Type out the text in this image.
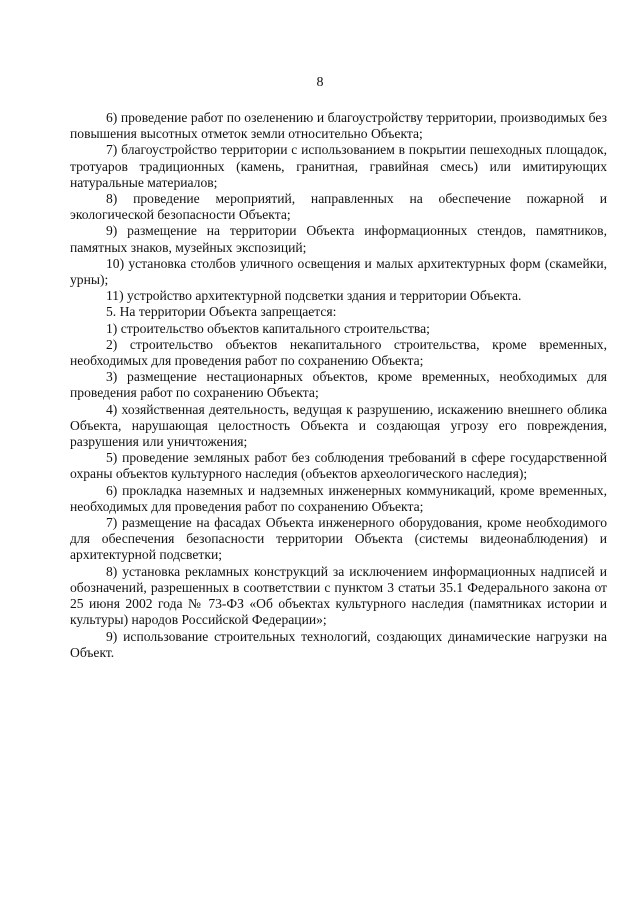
8

6) проведение работ по озеленению и благоустройству территории, производимых без повышения высотных отметок земли относительно Объекта;

7) благоустройство территории с использованием в покрытии пешеходных площадок, тротуаров традиционных (камень, гранитная, гравийная смесь) или имитирующих натуральные материалов;

8) проведение мероприятий, направленных на обеспечение пожарной и экологической безопасности Объекта;

9) размещение на территории Объекта информационных стендов, памятников, памятных знаков, музейных экспозиций;

10) установка столбов уличного освещения и малых архитектурных форм (скамейки, урны);

11) устройство архитектурной подсветки здания и территории Объекта.

5. На территории Объекта запрещается:

1) строительство объектов капитального строительства;

2) строительство объектов некапитального строительства, кроме временных, необходимых для проведения работ по сохранению Объекта;

3) размещение нестационарных объектов, кроме временных, необходимых для проведения работ по сохранению Объекта;

4) хозяйственная деятельность, ведущая к разрушению, искажению внешнего облика Объекта, нарушающая целостность Объекта и создающая угрозу его повреждения, разрушения или уничтожения;

5) проведение земляных работ без соблюдения требований в сфере государственной охраны объектов культурного наследия (объектов археологического наследия);

6) прокладка наземных и надземных инженерных коммуникаций, кроме временных, необходимых для проведения работ по сохранению Объекта;

7) размещение на фасадах Объекта инженерного оборудования, кроме необходимого для обеспечения безопасности территории Объекта (системы видеонаблюдения) и архитектурной подсветки;

8) установка рекламных конструкций за исключением информационных надписей и обозначений, разрешенных в соответствии с пунктом 3 статьи 35.1 Федерального закона от 25 июня 2002 года № 73-ФЗ «Об объектах культурного наследия (памятниках истории и культуры) народов Российской Федерации»;

9) использование строительных технологий, создающих динамические нагрузки на Объект.
